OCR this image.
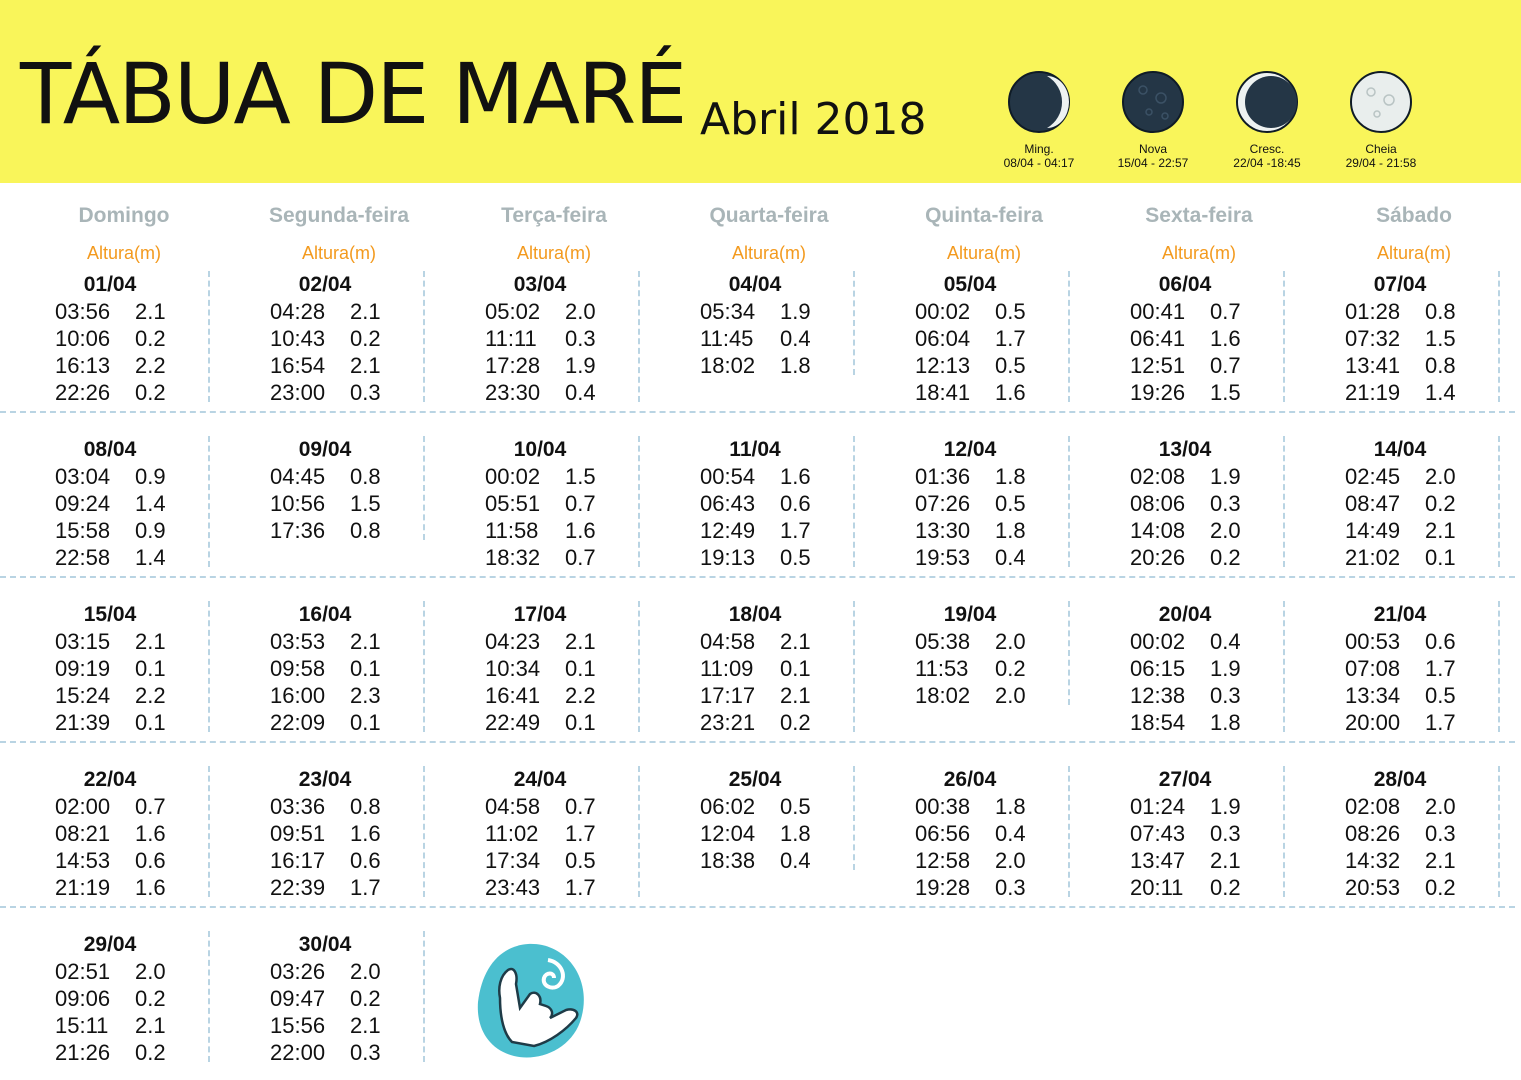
TÁBUA DE MARÉ Abril 2018
Ming.
08/04 - 04:17
Nova
15/04 - 22:57
Cresc.
22/04 -18:45
Cheia
29/04 - 21:58
Domingo
Altura(m)
Segunda-feira
Altura(m)
Terça-feira
Altura(m)
Quarta-feira
Altura(m)
Quinta-feira
Altura(m)
Sexta-feira
Altura(m)
Sábado
Altura(m)
01/04
03:56 2.1
10:06 0.2
16:13 2.2
22:26 0.2
02/04
04:28 2.1
10:43 0.2
16:54 2.1
23:00 0.3
03/04
05:02 2.0
11:11 0.3
17:28 1.9
23:30 0.4
04/04
05:34 1.9
11:45 0.4
18:02 1.8
05/04
00:02 0.5
06:04 1.7
12:13 0.5
18:41 1.6
06/04
00:41 0.7
06:41 1.6
12:51 0.7
19:26 1.5
07/04
01:28 0.8
07:32 1.5
13:41 0.8
21:19 1.4
08/04
03:04 0.9
09:24 1.4
15:58 0.9
22:58 1.4
09/04
04:45 0.8
10:56 1.5
17:36 0.8
10/04
00:02 1.5
05:51 0.7
11:58 1.6
18:32 0.7
11/04
00:54 1.6
06:43 0.6
12:49 1.7
19:13 0.5
12/04
01:36 1.8
07:26 0.5
13:30 1.8
19:53 0.4
13/04
02:08 1.9
08:06 0.3
14:08 2.0
20:26 0.2
14/04
02:45 2.0
08:47 0.2
14:49 2.1
21:02 0.1
15/04
03:15 2.1
09:19 0.1
15:24 2.2
21:39 0.1
16/04
03:53 2.1
09:58 0.1
16:00 2.3
22:09 0.1
17/04
04:23 2.1
10:34 0.1
16:41 2.2
22:49 0.1
18/04
04:58 2.1
11:09 0.1
17:17 2.1
23:21 0.2
19/04
05:38 2.0
11:53 0.2
18:02 2.0
20/04
00:02 0.4
06:15 1.9
12:38 0.3
18:54 1.8
21/04
00:53 0.6
07:08 1.7
13:34 0.5
20:00 1.7
22/04
02:00 0.7
08:21 1.6
14:53 0.6
21:19 1.6
23/04
03:36 0.8
09:51 1.6
16:17 0.6
22:39 1.7
24/04
04:58 0.7
11:02 1.7
17:34 0.5
23:43 1.7
25/04
06:02 0.5
12:04 1.8
18:38 0.4
26/04
00:38 1.8
06:56 0.4
12:58 2.0
19:28 0.3
27/04
01:24 1.9
07:43 0.3
13:47 2.1
20:11 0.2
28/04
02:08 2.0
08:26 0.3
14:32 2.1
20:53 0.2
29/04
02:51 2.0
09:06 0.2
15:11 2.1
21:26 0.2
30/04
03:26 2.0
09:47 0.2
15:56 2.1
22:00 0.3
